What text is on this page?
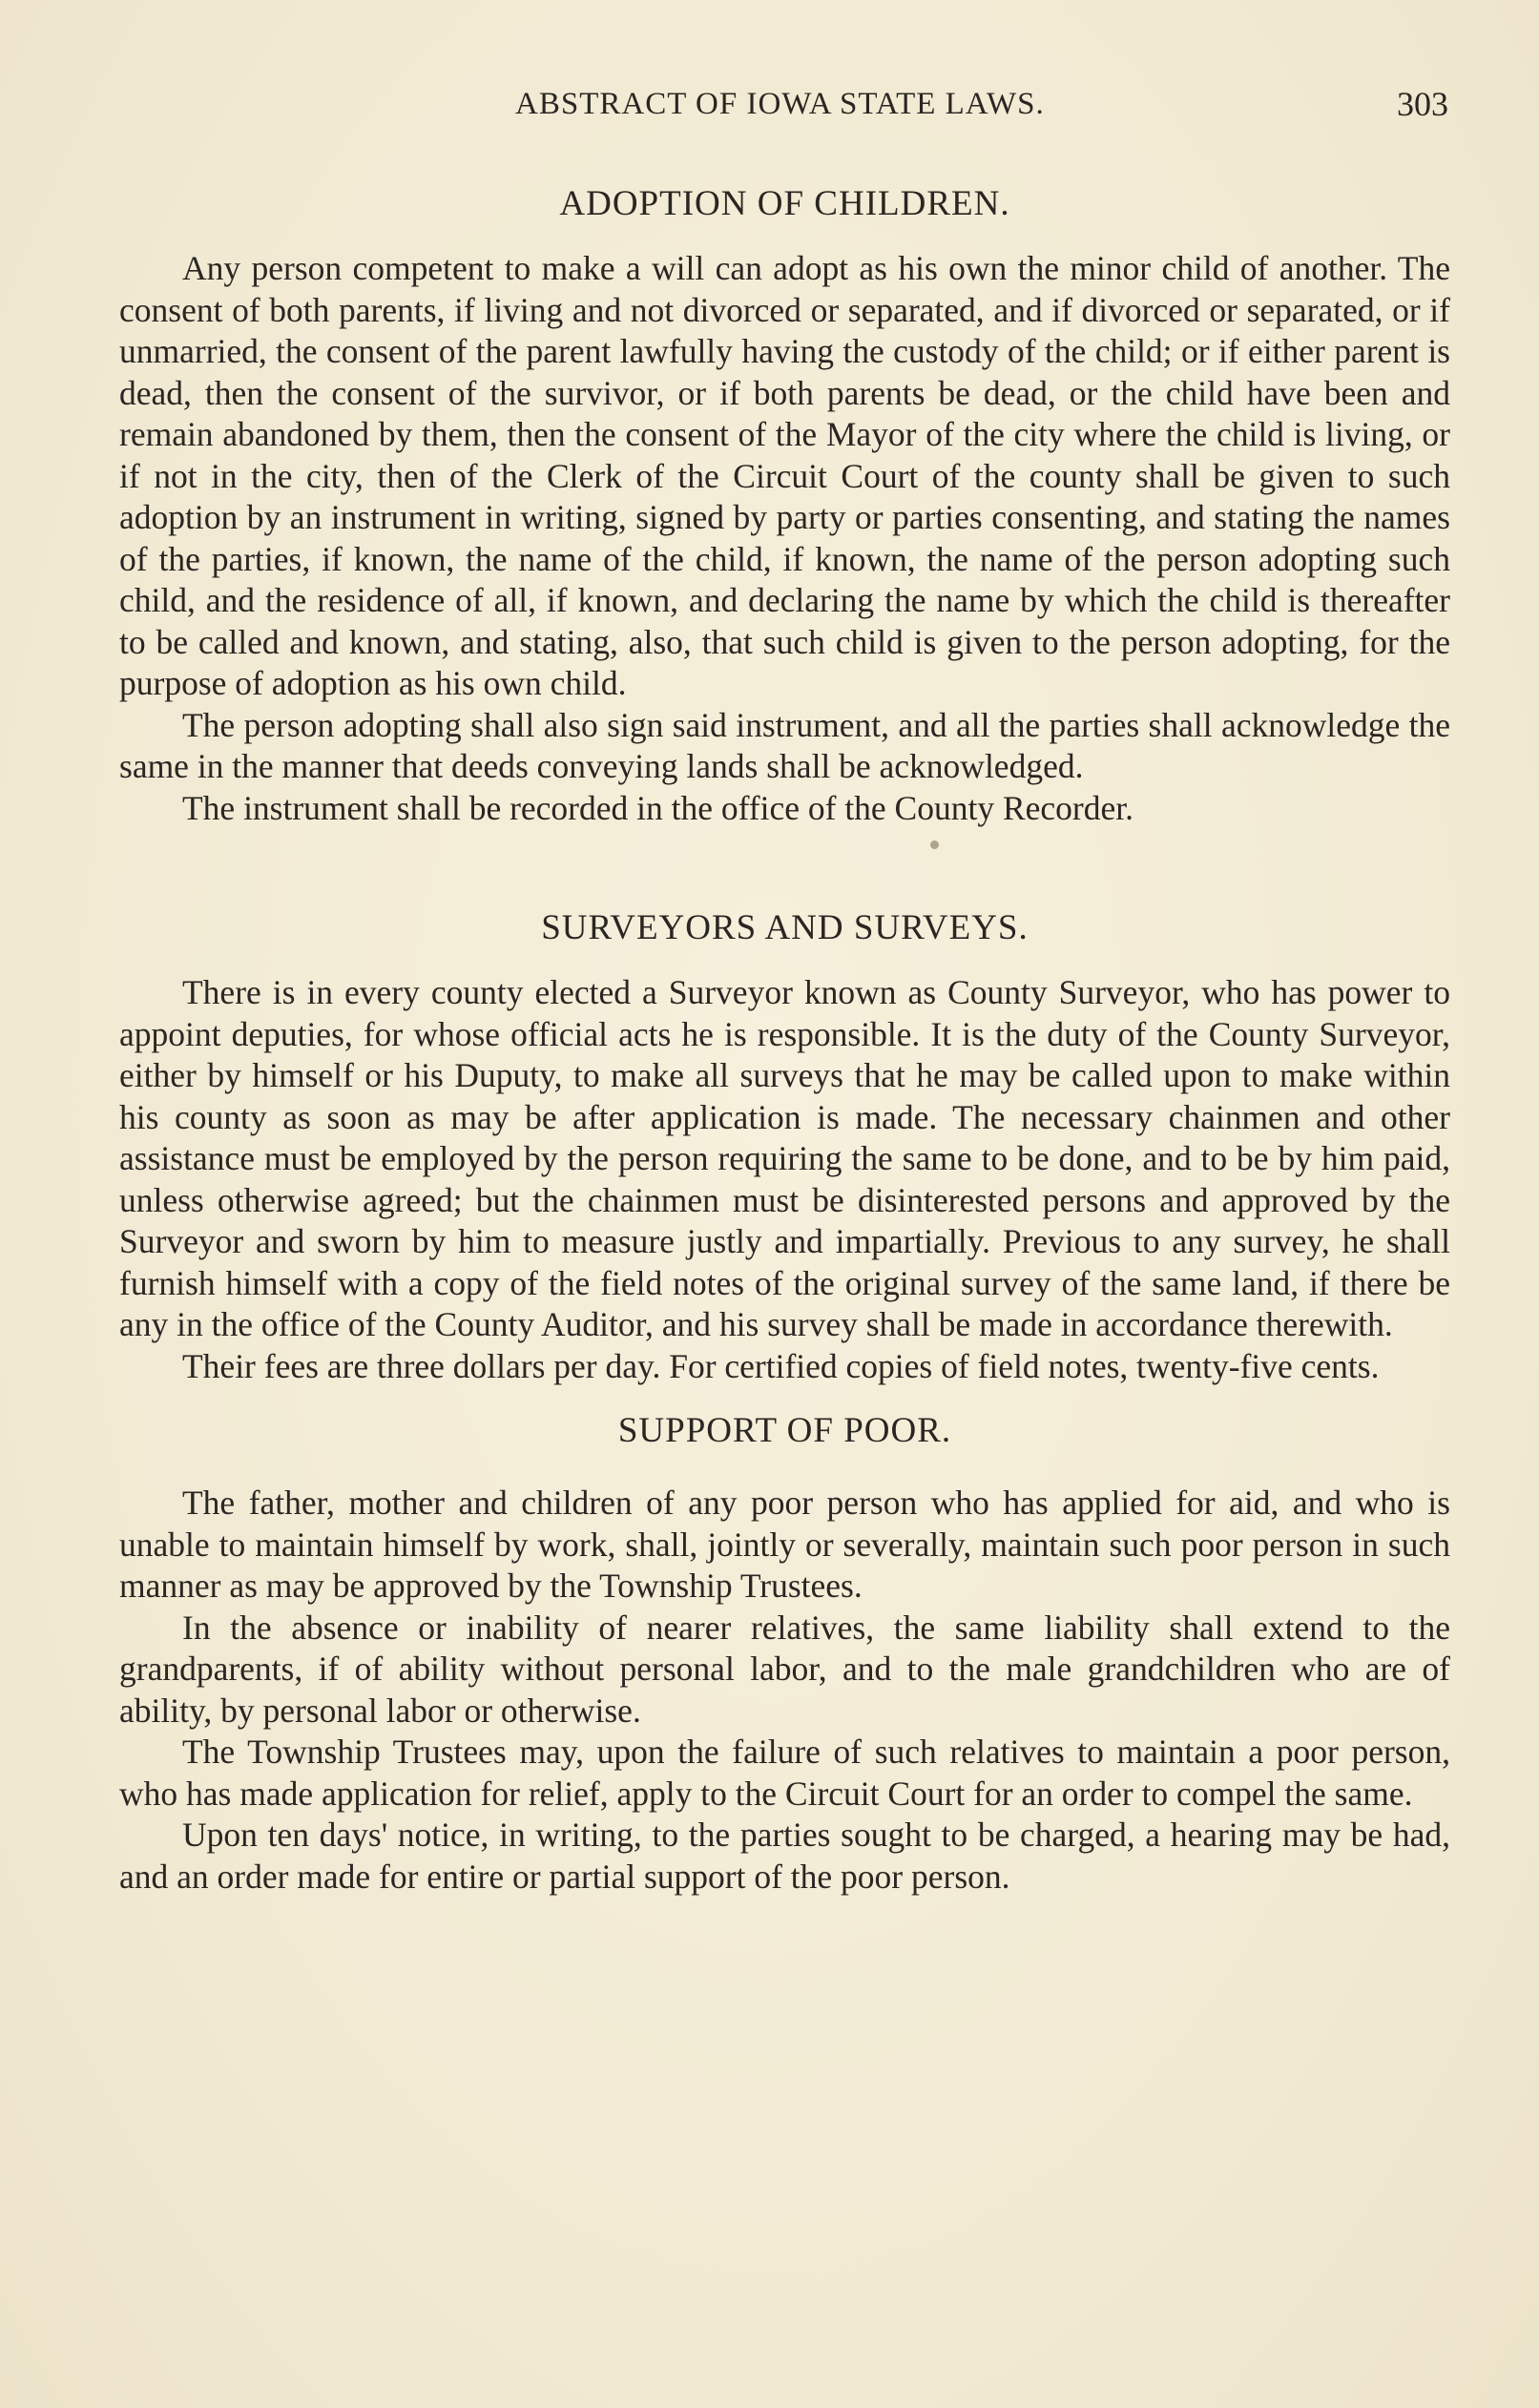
ABSTRACT OF IOWA STATE LAWS.	303
ADOPTION OF CHILDREN.

Any person competent to make a will can adopt as his own the minor child of another. The consent of both parents, if living and not divorced or separated, and if divorced or separated, or if unmarried, the consent of the parent lawfully having the custody of the child; or if either parent is dead, then the consent of the survivor, or if both parents be dead, or the child have been and remain abandoned by them, then the consent of the Mayor of the city where the child is living, or if not in the city, then of the Clerk of the Circuit Court of the county shall be given to such adoption by an instrument in writing, signed by party or parties consenting, and stating the names of the parties, if known, the name of the child, if known, the name of the person adopting such child, and the residence of all, if known, and declaring the name by which the child is thereafter to be called and known, and stating, also, that such child is given to the person adopting, for the purpose of adoption as his own child.

The person adopting shall also sign said instrument, and all the parties shall acknowledge the same in the manner that deeds conveying lands shall be acknowledged.

The instrument shall be recorded in the office of the County Recorder.

SURVEYORS AND SURVEYS.

There is in every county elected a Surveyor known as County Surveyor, who has power to appoint deputies, for whose official acts he is responsible. It is the duty of the County Surveyor, either by himself or his Duputy, to make all surveys that he may be called upon to make within his county as soon as may be after application is made. The necessary chainmen and other assistance must be employed by the person requiring the same to be done, and to be by him paid, unless otherwise agreed; but the chainmen must be disinterested persons and approved by the Surveyor and sworn by him to measure justly and impartially. Previous to any survey, he shall furnish himself with a copy of the field notes of the original survey of the same land, if there be any in the office of the County Auditor, and his survey shall be made in accordance therewith.

Their fees are three dollars per day. For certified copies of field notes, twenty-five cents.

SUPPORT OF POOR.

The father, mother and children of any poor person who has applied for aid, and who is unable to maintain himself by work, shall, jointly or severally, maintain such poor person in such manner as may be approved by the Township Trustees.

In the absence or inability of nearer relatives, the same liability shall extend to the grandparents, if of ability without personal labor, and to the male grandchildren who are of ability, by personal labor or otherwise.

The Township Trustees may, upon the failure of such relatives to maintain a poor person, who has made application for relief, apply to the Circuit Court for an order to compel the same.

Upon ten days' notice, in writing, to the parties sought to be charged, a hearing may be had, and an order made for entire or partial support of the poor person.
